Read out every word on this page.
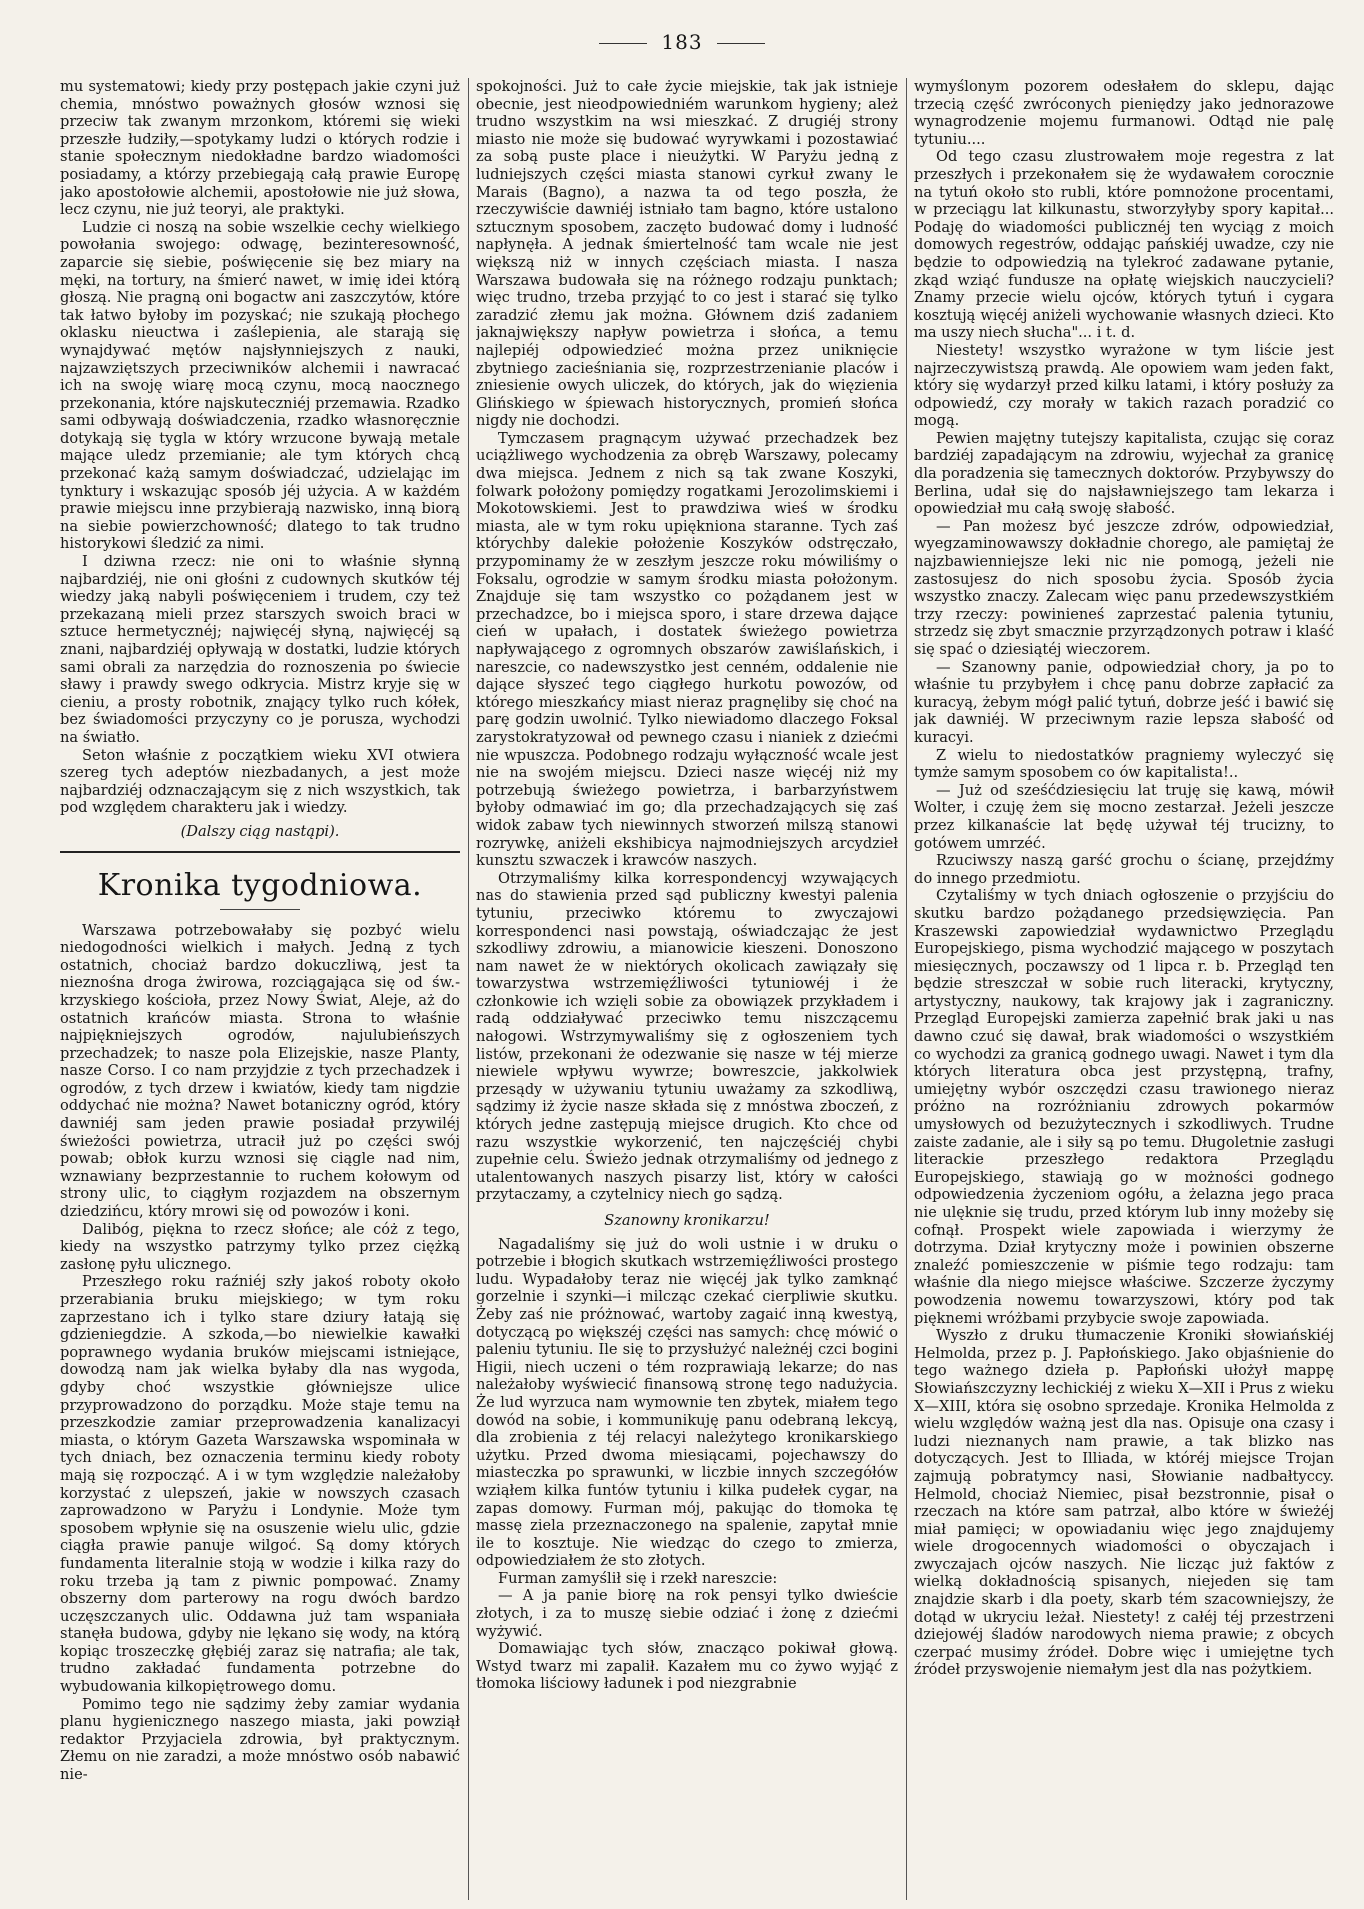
183

mu systematowi; kiedy przy postępach jakie czyni już chemia, mnóstwo poważnych głosów wznosi się przeciw tak zwanym mrzonkom, któremi się wieki przeszłe łudziły,—spotykamy ludzi o których rodzie i stanie społecznym niedokładne bardzo wiadomości posiadamy, a którzy przebiegają całą prawie Europę jako apostołowie alchemii, apostołowie nie już słowa, lecz czynu, nie już teoryi, ale praktyki.

Ludzie ci noszą na sobie wszelkie cechy wielkiego powołania swojego: odwagę, bezinteresowność, zaparcie się siebie, poświęcenie się bez miary na męki, na tortury, na śmierć nawet, w imię idei którą głoszą. Nie pragną oni bogactw ani zaszczytów, które tak łatwo byłoby im pozyskać; nie szukają płochego oklasku nieuctwa i zaślepienia, ale starają się wynajdywać mętów najsłynniejszych z nauki, najzawziętszych przeciwników alchemii i nawracać ich na swoję wiarę mocą czynu, mocą naocznego przekonania, które najskuteczniéj przemawia. Rzadko sami odbywają doświadczenia, rzadko własnoręcznie dotykają się tygla w który wrzucone bywają metale mające uledz przemianie; ale tym których chcą przekonać każą samym doświadczać, udzielając im tynktury i wskazując sposób jéj użycia. A w każdém prawie miejscu inne przybierają nazwisko, inną biorą na siebie powierzchowność; dlatego to tak trudno historykowi śledzić za nimi.

I dziwna rzecz: nie oni to właśnie słynną najbardziéj, nie oni głośni z cudownych skutków téj wiedzy jaką nabyli poświęceniem i trudem, czy też przekazaną mieli przez starszych swoich braci w sztuce hermetycznéj; najwięcéj słyną, najwięcéj są znani, najbardziéj opływają w dostatki, ludzie których sami obrali za narzędzia do roznoszenia po świecie sławy i prawdy swego odkrycia. Mistrz kryje się w cieniu, a prosty robotnik, znający tylko ruch kółek, bez świadomości przyczyny co je porusza, wychodzi na światło.

Seton właśnie z początkiem wieku XVI otwiera szereg tych adeptów niezbadanych, a jest może najbardziéj odznaczającym się z nich wszystkich, tak pod względem charakteru jak i wiedzy.

(Dalszy ciąg nastąpi).

Kronika tygodniowa.

Warszawa potrzebowałaby się pozbyć wielu niedogodności wielkich i małych. Jedną z tych ostatnich, chociaż bardzo dokuczliwą, jest ta nieznośna droga żwirowa, rozciągająca się od św.-krzyskiego kościoła, przez Nowy Świat, Aleje, aż do ostatnich krańców miasta. Strona to właśnie najpiękniejszych ogrodów, najulubieńszych przechadzek; to nasze pola Elizejskie, nasze Planty, nasze Corso. I co nam przyjdzie z tych przechadzek i ogrodów, z tych drzew i kwiatów, kiedy tam nigdzie oddychać nie można? Nawet botaniczny ogród, który dawniéj sam jeden prawie posiadał przywiléj świeżości powietrza, utracił już po części swój powab; obłok kurzu wznosi się ciągle nad nim, wznawiany bezprzestannie to ruchem kołowym od strony ulic, to ciągłym rozjazdem na obszernym dziedzińcu, który mrowi się od powozów i koni.

Dalibóg, piękna to rzecz słońce; ale cóż z tego, kiedy na wszystko patrzymy tylko przez ciężką zasłonę pyłu ulicznego.

Przeszłego roku raźniéj szły jakoś roboty około przerabiania bruku miejskiego; w tym roku zaprzestano ich i tylko stare dziury łatają się gdzieniegdzie. A szkoda,—bo niewielkie kawałki poprawnego wydania bruków miejscami istniejące, dowodzą nam jak wielka byłaby dla nas wygoda, gdyby choć wszystkie główniejsze ulice przyprowadzono do porządku. Może staje temu na przeszkodzie zamiar przeprowadzenia kanalizacyi miasta, o którym Gazeta Warszawska wspominała w tych dniach, bez oznaczenia terminu kiedy roboty mają się rozpocząć. A i w tym względzie należałoby korzystać z ulepszeń, jakie w nowszych czasach zaprowadzono w Paryżu i Londynie. Może tym sposobem wpłynie się na osuszenie wielu ulic, gdzie ciągła prawie panuje wilgoć. Są domy których fundamenta literalnie stoją w wodzie i kilka razy do roku trzeba ją tam z piwnic pompować. Znamy obszerny dom parterowy na rogu dwóch bardzo uczęszczanych ulic. Oddawna już tam wspaniała stanęła budowa, gdyby nie lękano się wody, na którą kopiąc troszeczkę głębiéj zaraz się natrafia; ale tak, trudno zakładać fundamenta potrzebne do wybudowania kilkopiętrowego domu.

Pomimo tego nie sądzimy żeby zamiar wydania planu hygienicznego naszego miasta, jaki powziął redaktor Przyjaciela zdrowia, był praktycznym. Złemu on nie zaradzi, a może mnóstwo osób nabawić nie-

spokojności. Już to całe życie miejskie, tak jak istnieje obecnie, jest nieodpowiedniém warunkom hygieny; ależ trudno wszystkim na wsi mieszkać. Z drugiéj strony miasto nie może się budować wyrywkami i pozostawiać za sobą puste place i nieużytki. W Paryżu jedną z ludniejszych części miasta stanowi cyrkuł zwany le Marais (Bagno), a nazwa ta od tego poszła, że rzeczywiście dawniéj istniało tam bagno, które ustalono sztucznym sposobem, zaczęto budować domy i ludność napłynęła. A jednak śmiertelność tam wcale nie jest większą niż w innych częściach miasta. I nasza Warszawa budowała się na różnego rodzaju punktach; więc trudno, trzeba przyjąć to co jest i starać się tylko zaradzić złemu jak można. Głównem dziś zadaniem jaknajwiększy napływ powietrza i słońca, a temu najlepiéj odpowiedzieć można przez uniknięcie zbytniego zacieśniania się, rozprzestrzenianie placów i zniesienie owych uliczek, do których, jak do więzienia Glińskiego w śpiewach historycznych, promień słońca nigdy nie dochodzi.

Tymczasem pragnącym używać przechadzek bez uciążliwego wychodzenia za obręb Warszawy, polecamy dwa miejsca. Jednem z nich są tak zwane Koszyki, folwark położony pomiędzy rogatkami Jerozolimskiemi i Mokotowskiemi. Jest to prawdziwa wieś w środku miasta, ale w tym roku upiękniona staranne. Tych zaś którychby dalekie położenie Koszyków odstręczało, przypominamy że w zeszłym jeszcze roku mówiliśmy o Foksalu, ogrodzie w samym środku miasta położonym. Znajduje się tam wszystko co pożądanem jest w przechadzce, bo i miejsca sporo, i stare drzewa dające cień w upałach, i dostatek świeżego powietrza napływającego z ogromnych obszarów zawiślańskich, i nareszcie, co nadewszystko jest cenném, oddalenie nie dające słyszeć tego ciągłego hurkotu powozów, od którego mieszkańcy miast nieraz pragnęliby się choć na parę godzin uwolnić. Tylko niewiadomo dlaczego Foksal zarystokratyzował od pewnego czasu i nianiek z dziećmi nie wpuszcza. Podobnego rodzaju wyłączność wcale jest nie na swojém miejscu. Dzieci nasze więcéj niż my potrzebują świeżego powietrza, i barbarzyństwem byłoby odmawiać im go; dla przechadzających się zaś widok zabaw tych niewinnych stworzeń milszą stanowi rozrywkę, aniżeli ekshibicya najmodniejszych arcydzieł kunsztu szwaczek i krawców naszych.

Otrzymaliśmy kilka korrespondencyj wzywających nas do stawienia przed sąd publiczny kwestyi palenia tytuniu, przeciwko któremu to zwyczajowi korrespondenci nasi powstają, oświadczając że jest szkodliwy zdrowiu, a mianowicie kieszeni. Donoszono nam nawet że w niektórych okolicach zawiązały się towarzystwa wstrzemięźliwości tytuniowéj i że członkowie ich wzięli sobie za obowiązek przykładem i radą oddziaływać przeciwko temu niszczącemu nałogowi. Wstrzymywaliśmy się z ogłoszeniem tych listów, przekonani że odezwanie się nasze w téj mierze niewiele wpływu wywrze; bowreszcie, jakkolwiek przesądy w używaniu tytuniu uważamy za szkodliwą, sądzimy iż życie nasze składa się z mnóstwa zboczeń, z których jedne zastępują miejsce drugich. Kto chce od razu wszystkie wykorzenić, ten najczęściéj chybi zupełnie celu. Świeżo jednak otrzymaliśmy od jednego z utalentowanych naszych pisarzy list, który w całości przytaczamy, a czytelnicy niech go sądzą.

Szanowny kronikarzu!

Nagadaliśmy się już do woli ustnie i w druku o potrzebie i błogich skutkach wstrzemięźliwości prostego ludu. Wypadałoby teraz nie więcéj jak tylko zamknąć gorzelnie i szynki—i milcząc czekać cierpliwie skutku. Żeby zaś nie próżnować, wartoby zagaić inną kwestyą, dotyczącą po większéj części nas samych: chcę mówić o paleniu tytuniu. Ile się to przysłużyć należnéj czci bogini Higii, niech uczeni o tém rozprawiają lekarze; do nas należałoby wyświecić finansową stronę tego nadużycia. Że lud wyrzuca nam wymownie ten zbytek, miałem tego dowód na sobie, i kommunikuję panu odebraną lekcyą, dla zrobienia z téj relacyi należytego kronikarskiego użytku. Przed dwoma miesiącami, pojechawszy do miasteczka po sprawunki, w liczbie innych szczegółów wziąłem kilka funtów tytuniu i kilka pudełek cygar, na zapas domowy. Furman mój, pakując do tłomoka tę massę ziela przeznaczonego na spalenie, zapytał mnie ile to kosztuje. Nie wiedząc do czego to zmierza, odpowiedziałem że sto złotych.

Furman zamyślił się i rzekł nareszcie:

— A ja panie biorę na rok pensyi tylko dwieście złotych, i za to muszę siebie odziać i żonę z dziećmi wyżywić.

Domawiając tych słów, znacząco pokiwał głową. Wstyd twarz mi zapalił. Kazałem mu co żywo wyjąć z tłomoka liściowy ładunek i pod niezgrabnie

wymyślonym pozorem odesłałem do sklepu, dając trzecią część zwróconych pieniędzy jako jednorazowe wynagrodzenie mojemu furmanowi. Odtąd nie palę tytuniu....

Od tego czasu zlustrowałem moje regestra z lat przeszłych i przekonałem się że wydawałem corocznie na tytuń około sto rubli, które pomnożone procentami, w przeciągu lat kilkunastu, stworzyłyby spory kapitał... Podaję do wiadomości publicznéj ten wyciąg z moich domowych regestrów, oddając pańskiéj uwadze, czy nie będzie to odpowiedzią na tylekroć zadawane pytanie, zkąd wziąć fundusze na opłatę wiejskich nauczycieli? Znamy przecie wielu ojców, których tytuń i cygara kosztują więcéj aniżeli wychowanie własnych dzieci. Kto ma uszy niech słucha"... i t. d.

Niestety! wszystko wyrażone w tym liście jest najrzeczywistszą prawdą. Ale opowiem wam jeden fakt, który się wydarzył przed kilku latami, i który posłuży za odpowiedź, czy morały w takich razach poradzić co mogą.

Pewien majętny tutejszy kapitalista, czując się coraz bardziéj zapadającym na zdrowiu, wyjechał za granicę dla poradzenia się tamecznych doktorów. Przybywszy do Berlina, udał się do najsławniejszego tam lekarza i opowiedział mu całą swoję słabość.

— Pan możesz być jeszcze zdrów, odpowiedział, wyegzaminowawszy dokładnie chorego, ale pamiętaj że najzbawienniejsze leki nic nie pomogą, jeżeli nie zastosujesz do nich sposobu życia. Sposób życia wszystko znaczy. Zalecam więc panu przedewszystkiém trzy rzeczy: powinieneś zaprzestać palenia tytuniu, strzedz się zbyt smacznie przyrządzonych potraw i klaść się spać o dziesiątéj wieczorem.

— Szanowny panie, odpowiedział chory, ja po to właśnie tu przybyłem i chcę panu dobrze zapłacić za kuracyą, żebym mógł palić tytuń, dobrze jeść i bawić się jak dawniéj. W przeciwnym razie lepsza słabość od kuracyi.

Z wielu to niedostatków pragniemy wyleczyć się tymże samym sposobem co ów kapitalista!..

— Już od sześćdziesięciu lat truję się kawą, mówił Wolter, i czuję żem się mocno zestarzał. Jeżeli jeszcze przez kilkanaście lat będę używał téj trucizny, to gotówem umrzéć.

Rzuciwszy naszą garść grochu o ścianę, przejdźmy do innego przedmiotu.

Czytaliśmy w tych dniach ogłoszenie o przyjściu do skutku bardzo pożądanego przedsięwzięcia. Pan Kraszewski zapowiedział wydawnictwo Przeglądu Europejskiego, pisma wychodzić mającego w poszytach miesięcznych, poczawszy od 1 lipca r. b. Przegląd ten będzie streszczał w sobie ruch literacki, krytyczny, artystyczny, naukowy, tak krajowy jak i zagraniczny. Przegląd Europejski zamierza zapełnić brak jaki u nas dawno czuć się dawał, brak wiadomości o wszystkiém co wychodzi za granicą godnego uwagi. Nawet i tym dla których literatura obca jest przystępną, trafny, umiejętny wybór oszczędzi czasu trawionego nieraz próżno na rozróżnianiu zdrowych pokarmów umysłowych od bezużytecznych i szkodliwych. Trudne zaiste zadanie, ale i siły są po temu. Długoletnie zasługi literackie przeszłego redaktora Przeglądu Europejskiego, stawiają go w możności godnego odpowiedzenia życzeniom ogółu, a żelazna jego praca nie ulęknie się trudu, przed którym lub inny możeby się cofnął. Prospekt wiele zapowiada i wierzymy że dotrzyma. Dział krytyczny może i powinien obszerne znaleźć pomieszczenie w piśmie tego rodzaju: tam właśnie dla niego miejsce właściwe. Szczerze życzymy powodzenia nowemu towarzyszowi, który pod tak pięknemi wróżbami przybycie swoje zapowiada.

Wyszło z druku tłumaczenie Kroniki słowiańskiéj Helmolda, przez p. J. Papłońskiego. Jako objaśnienie do tego ważnego dzieła p. Papłoński ułożył mappę Słowiańszczyzny lechickiéj z wieku X—XII i Prus z wieku X—XIII, która się osobno sprzedaje. Kronika Helmolda z wielu względów ważną jest dla nas. Opisuje ona czasy i ludzi nieznanych nam prawie, a tak blizko nas dotyczących. Jest to Illiada, w któréj miejsce Trojan zajmują pobratymcy nasi, Słowianie nadbałtyccy. Helmold, chociaż Niemiec, pisał bezstronnie, pisał o rzeczach na które sam patrzał, albo które w świeżéj miał pamięci; w opowiadaniu więc jego znajdujemy wiele drogocennych wiadomości o obyczajach i zwyczajach ojców naszych. Nie licząc już faktów z wielką dokładnością spisanych, niejeden się tam znajdzie skarb i dla poety, skarb tém szacowniejszy, że dotąd w ukryciu leżał. Niestety! z całéj téj przestrzeni dziejowéj śladów narodowych niema prawie; z obcych czerpać musimy źródeł. Dobre więc i umiejętne tych źródeł przyswojenie niemałym jest dla nas pożytkiem.
